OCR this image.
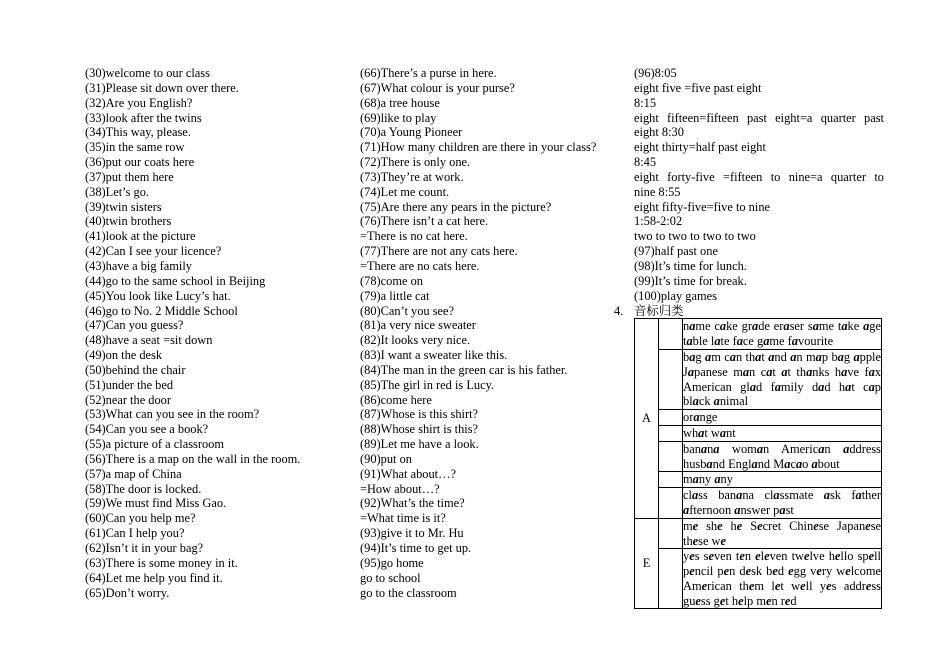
(30)welcome to our class
(31)Please sit down over there.
(32)Are you English?
(33)look after the twins
(34)This way, please.
(35)in the same row
(36)put our coats here
(37)put them here
(38)Let’s go.
(39)twin sisters
(40)twin brothers
(41)look at the picture
(42)Can I see your licence?
(43)have a big family
(44)go to the same school in Beijing
(45)You look like Lucy’s hat.
(46)go to No. 2 Middle School
(47)Can you guess?
(48)have a seat =sit down
(49)on the desk
(50)behind the chair
(51)under the bed
(52)near the door
(53)What can you see in the room?
(54)Can you see a book?
(55)a picture of a classroom
(56)There is a map on the wall in the room.
(57)a map of China
(58)The door is locked.
(59)We must find Miss Gao.
(60)Can you help me?
(61)Can I help you?
(62)Isn’t it in your bag?
(63)There is some money in it.
(64)Let me help you find it.
(65)Don’t worry.
(66)There’s a purse in here.
(67)What colour is your purse?
(68)a tree house
(69)like to play
(70)a Young Pioneer
(71)How many children are there in your class?
(72)There is only one.
(73)They’re at work.
(74)Let me count.
(75)Are there any pears in the picture?
(76)There isn’t a cat here.
=There is no cat here.
(77)There are not any cats here.
=There are no cats here.
(78)come on
(79)a little cat
(80)Can’t you see?
(81)a very nice sweater
(82)It looks very nice.
(83)I want a sweater like this.
(84)The man in the green car is his father.
(85)The girl in red is Lucy.
(86)come here
(87)Whose is this shirt?
(88)Whose shirt is this?
(89)Let me have a look.
(90)put on
(91)What about…?
=How about…?
(92)What’s the time?
=What time is it?
(93)give it to Mr. Hu
(94)It’s time to get up.
(95)go home
go to school
go to the classroom
(96)8:05
eight five =five past eight
8:15
eight fifteen=fifteen past eight=a quarter past
eight 8:30
eight thirty=half past eight
8:45
eight forty-five =fifteen to nine=a quarter to
nine 8:55
eight fifty-five=five to nine
1:58-2:02
two to two to two to two
(97)half past one
(98)It’s time for lunch.
(99)It’s time for break.
(100)play games
4. 音标归类
A		name cake grade eraser same take age table late face game favourite
		bag am can that and an map bag apple Japanese man cat at thanks have fax American glad family dad hat cap black animal
		orange
		what want
		banana woman American address husband England Macao about
		many any
		class banana classmate ask father afternoon answer past
E		me she he Secret Chinese Japanese these we
		yes seven ten eleven twelve hello spell pencil pen desk bed egg very welcome American them let well yes address guess get help men red
